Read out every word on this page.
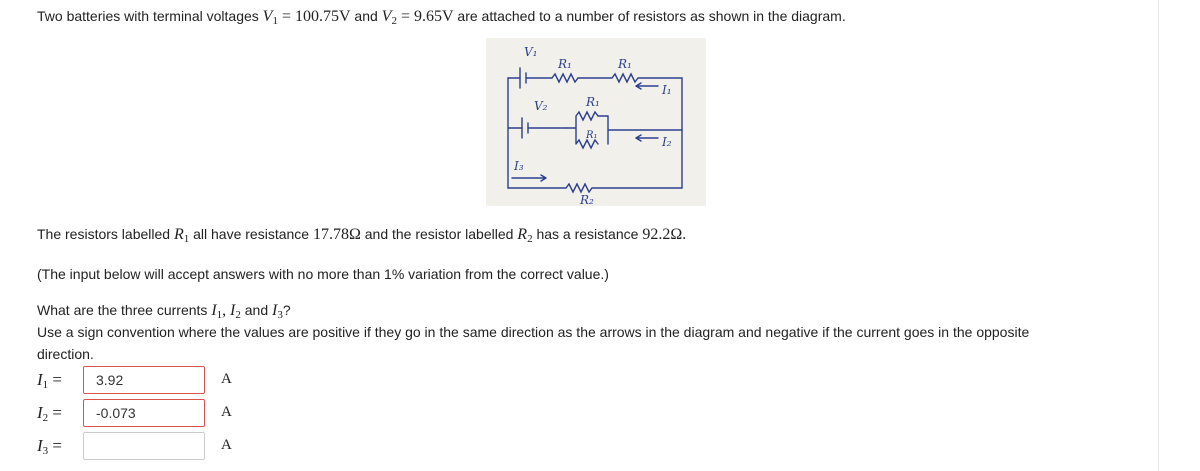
Two batteries with terminal voltages $V_1 = 100.75V$ and $V_2 = 9.65V$ are attached to a number of resistors as shown in the diagram.
V₁
V₂
R₁	R₁
R₁
R₁
R₂
I₁
I₂
I₃
The resistors labelled $R_1$ all have resistance 17.78Ω and the resistor labelled $R_2$ has a resistance 92.2Ω.
(The input below will accept answers with no more than 1% variation from the correct value.)
What are the three currents $I_1$, $I_2$ and $I_3$?
Use a sign convention where the values are positive if they go in the same direction as the arrows in the diagram and negative if the current goes in the opposite
direction.
$I_1$ =
3.92	A
$I_2$ =
-0.073	A
$I_3$ =	A
